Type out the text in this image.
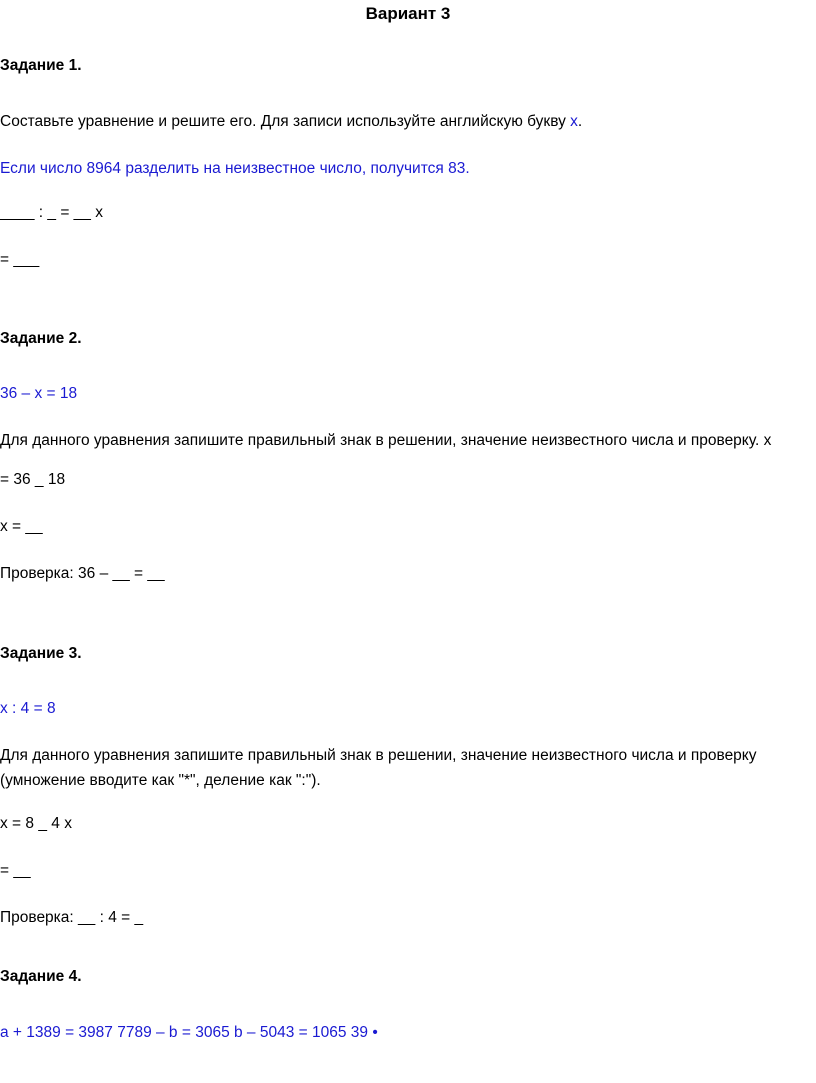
Вариант 3

Задание 1.

Составьте уравнение и решите его. Для записи используйте английскую букву x.

Если число 8964 разделить на неизвестное число, получится 83.

____ : _ = __ x

= ___

Задание 2.

36 – x = 18

Для данного уравнения запишите правильный знак в решении, значение неизвестного числа и проверку. x

= 36 _ 18

x = __

Проверка: 36 – __ = __

Задание 3.

x : 4 = 8

Для данного уравнения запишите правильный знак в решении, значение неизвестного числа и проверку

(умножение вводите как "*", деление как ":").

x = 8 _ 4 x

= __

Проверка: __ : 4 = _

Задание 4.

a + 1389 = 3987 7789 – b = 3065 b – 5043 = 1065 39 •
